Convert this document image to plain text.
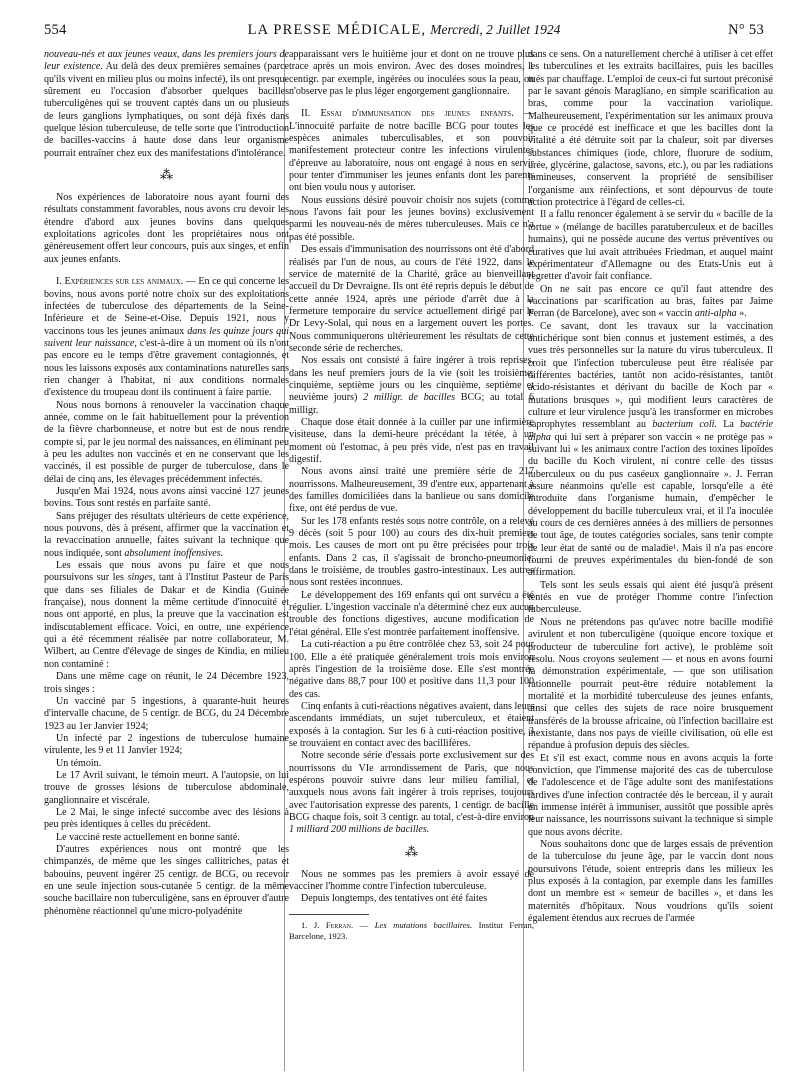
554	LA PRESSE MÉDICALE, Mercredi, 2 Juillet 1924	N° 53

nouveau-nés et aux jeunes veaux, dans les premiers jours de leur existence. Au delà des deux premières semaines (parce qu'ils vivent en milieu plus ou moins infecté), ils ont presque sûrement eu l'occasion d'absorber quelques bacilles tuberculigènes qui se trouvent captés dans un ou plusieurs de leurs ganglions lymphatiques, ou sont déjà fixés dans quelque lésion tuberculeuse, de telle sorte que l'introduction de bacilles-vaccins à haute dose dans leur organisme pourrait entraîner chez eux des manifestations d'intolérance.

⁂

Nos expériences de laboratoire nous ayant fourni des résultats constamment favorables, nous avons cru devoir les étendre d'abord aux jeunes bovins dans quelques exploitations agricoles dont les propriétaires nous ont généreusement offert leur concours, puis aux singes, et enfin aux jeunes enfants.

I. Expériences sur les animaux. — En ce qui concerne les bovins, nous avons porté notre choix sur des exploitations infectées de tuberculose des départements de la Seine-Inférieure et de Seine-et-Oise. Depuis 1921, nous y vaccinons tous les jeunes animaux dans les quinze jours qui suivent leur naissance, c'est-à-dire à un moment où ils n'ont pas encore eu le temps d'être gravement contagionnés, et nous les laissons exposés aux contaminations naturelles sans rien changer à l'habitat, ni aux conditions normales d'existence du troupeau dont ils continuent à faire partie.

Nous nous bornons à renouveler la vaccination chaque année, comme on le fait habituellement pour la prévention de la fièvre charbonneuse, et notre but est de nous rendre compte si, par le jeu normal des naissances, en éliminant peu à peu les adultes non vaccinés et en ne conservant que les vaccinés, il est possible de purger de tuberculose, dans le délai de cinq ans, les élevages précédemment infectés.

Jusqu'en Mai 1924, nous avons ainsi vacciné 127 jeunes bovins. Tous sont restés en parfaite santé.

Sans préjuger des résultats ultérieurs de cette expérience, nous pouvons, dès à présent, affirmer que la vaccination et la revaccination annuelle, faites suivant la technique que nous indiquée, sont absolument inoffensives.

Les essais que nous avons pu faire et que nous poursuivons sur les singes, tant à l'Institut Pasteur de Paris que dans ses filiales de Dakar et de Kindia (Guinée française), nous donnent la même certitude d'innocuité et nous ont apporté, en plus, la preuve que la vaccination est indiscutablement efficace. Voici, en outre, une expérience qui a été récemment réalisée par notre collaborateur, M. Wilbert, au Centre d'élevage de singes de Kindia, en milieu non contaminé :

Dans une même cage on réunit, le 24 Décembre 1923, trois singes :

Un vacciné par 5 ingestions, à quarante-huit heures d'intervalle chacune, de 5 centigr. de BCG, du 24 Décembre 1923 au 1er Janvier 1924;

Un infecté par 2 ingestions de tuberculose humaine virulente, les 9 et 11 Janvier 1924;

Un témoin.

Le 17 Avril suivant, le témoin meurt. A l'autopsie, on lui trouve de grosses lésions de tuberculose abdominale, ganglionnaire et viscérale.

Le 2 Mai, le singe infecté succombe avec des lésions à peu près identiques à celles du précédent.

Le vacciné reste actuellement en bonne santé.

D'autres expériences nous ont montré que les chimpanzés, de même que les singes callitriches, patas et babouins, peuvent ingérer 25 centigr. de BCG, ou recevoir en une seule injection sous-cutanée 5 centigr. de la même souche bacillaire non tuberculigène, sans en éprouver d'autre phénomène réactionnel qu'une micro-polyadénite

apparaissant vers le huitième jour et dont on ne trouve plus trace après un mois environ. Avec des doses moindres, 1 centigr. par exemple, ingérées ou inoculées sous la peau, on n'observe pas le plus léger engorgement ganglionnaire.

II. Essai d'immunisation des jeunes enfants. — L'innocuité parfaite de notre bacille BCG pour toutes les espèces animales tuberculisables, et son pouvoir manifestement protecteur contre les infections virulentes d'épreuve au laboratoire, nous ont engagé à nous en servir pour tenter d'immuniser les jeunes enfants dont les parents ont bien voulu nous y autoriser.

Nous eussions désiré pouvoir choisir nos sujets (comme nous l'avons fait pour les jeunes bovins) exclusivement parmi les nouveau-nés de mères tuberculeuses. Mais ce n'a pas été possible.

Des essais d'immunisation des nourrissons ont été d'abord réalisés par l'un de nous, au cours de l'été 1922, dans le service de maternité de la Charité, grâce au bienveillant accueil du Dr Devraigne. Ils ont été repris depuis le début de cette année 1924, après une période d'arrêt due à la fermeture temporaire du service actuellement dirigé par le Dr Levy-Solal, qui nous en a largement ouvert les portes. Nous communiquerons ultérieurement les résultats de cette seconde série de recherches.

Nos essais ont consisté à faire ingérer à trois reprises, dans les neuf premiers jours de la vie (soit les troisième, cinquième, septième jours ou les cinquième, septième et neuvième jours) 2 milligr. de bacilles BCG; au total 6 milligr.

Chaque dose était donnée à la cuiller par une infirmière visiteuse, dans la demi-heure précédant la tétée, à un moment où l'estomac, à peu près vide, n'est pas en travail digestif.

Nous avons ainsi traité une première série de 217 nourrissons. Malheureusement, 39 d'entre eux, appartenant à des familles domiciliées dans la banlieue ou sans domicile fixe, ont été perdus de vue.

Sur les 178 enfants restés sous notre contrôle, on a relevé 9 décès (soit 5 pour 100) au cours des dix-huit premiers mois. Les causes de mort ont pu être précisées pour trois enfants. Dans 2 cas, il s'agissait de broncho-pneumonie; dans le troisième, de troubles gastro-intestinaux. Les autres nous sont restées inconnues.

Le développement des 169 enfants qui ont survécu a été régulier. L'ingestion vaccinale n'a déterminé chez eux aucun trouble des fonctions digestives, aucune modification de l'état général. Elle s'est montrée parfaitement inoffensive.

La cuti-réaction a pu être contrôlée chez 53, soit 24 pour 100. Elle a été pratiquée généralement trois mois environ après l'ingestion de la troisième dose. Elle s'est montrée négative dans 88,7 pour 100 et positive dans 11,3 pour 100 des cas.

Cinq enfants à cuti-réactions négatives avaient, dans leurs ascendants immédiats, un sujet tuberculeux, et étaient exposés à la contagion. Sur les 6 à cuti-réaction positive, 3 se trouvaient en contact avec des bacillifères.

Notre seconde série d'essais porte exclusivement sur des nourrissons du VIe arrondissement de Paris, que nous espérons pouvoir suivre dans leur milieu familial, et auxquels nous avons fait ingérer à trois reprises, toujours avec l'autorisation expresse des parents, 1 centigr. de bacille BCG chaque fois, soit 3 centigr. au total, c'est-à-dire environ 1 milliard 200 millions de bacilles.

⁂

Nous ne sommes pas les premiers à avoir essayé de vacciner l'homme contre l'infection tuberculeuse.

Depuis longtemps, des tentatives ont été faites

1. J. Ferran. — Les mutations bacillaires. Institut Ferran, Barcelone, 1923.

dans ce sens. On a naturellement cherché à utiliser à cet effet les tuberculines et les extraits bacillaires, puis les bacilles tués par chauffage. L'emploi de ceux-ci fut surtout préconisé par le savant génois Maragliano, en simple scarification au bras, comme pour la vaccination variolique. Malheureusement, l'expérimentation sur les animaux prouva que ce procédé est inefficace et que les bacilles dont la vitalité a été détruite soit par la chaleur, soit par diverses substances chimiques (iode, chlore, fluorure de sodium, urée, glycérine, galactose, savons, etc.), ou par les radiations lumineuses, conservent la propriété de sensibiliser l'organisme aux réinfections, et sont dépourvus de toute action protectrice à l'égard de celles-ci.

Il a fallu renoncer également à se servir du « bacille de la tortue » (mélange de bacilles paratuberculeux et de bacilles humains), qui ne possède aucune des vertus préventives ou curatives que lui avait attribuées Friedman, et auquel maint expérimentateur d'Allemagne ou des Etats-Unis eut à regretter d'avoir fait confiance.

On ne sait pas encore ce qu'il faut attendre des vaccinations par scarification au bras, faites par Jaime Ferran (de Barcelone), avec son « vaccin anti-alpha ».

Ce savant, dont les travaux sur la vaccination antichérique sont bien connus et justement estimés, a des vues très personnelles sur la nature du virus tuberculeux. Il croit que l'infection tuberculeuse peut être réalisée par différentes bactéries, tantôt non acido-résistantes, tantôt acido-résistantes et dérivant du bacille de Koch par « mutations brusques », qui modifient leurs caractères de culture et leur virulence jusqu'à les transformer en microbes saprophytes ressemblant au bacterium coli. La bactérie alpha qui lui sert à préparer son vaccin « ne protège pas » suivant lui « les animaux contre l'action des toxines lipoïdes du bacille du Koch virulent, ni contre celle des tissus tuberculeux ou du pus caséeux ganglionnaire ». J. Ferran assure néanmoins qu'elle est capable, lorsqu'elle a été introduite dans l'organisme humain, d'empêcher le développement du bacille tuberculeux vrai, et il l'a inoculée au cours de ces dernières années à des milliers de personnes de tout âge, de toutes catégories sociales, sans tenir compte de leur état de santé ou de maladie¹. Mais il n'a pas encore fourni de preuves expérimentales du bien-fondé de son affirmation.

Tels sont les seuls essais qui aient été jusqu'à présent tentés en vue de protéger l'homme contre l'infection tuberculeuse.

Nous ne prétendons pas qu'avec notre bacille modifié avirulent et non tuberculigène (quoique encore toxique et producteur de tuberculine fort active), le problème soit résolu. Nous croyons seulement — et nous en avons fourni la démonstration expérimentale, — que son utilisation rationnelle pourrait peut-être réduire notablement la mortalité et la morbidité tuberculeuse des jeunes enfants, ainsi que celles des sujets de race noire brusquement transférés de la brousse africaine, où l'infection bacillaire est inexistante, dans nos pays de vieille civilisation, où elle est répandue à profusion depuis des siècles.

Et s'il est exact, comme nous en avons acquis la forte conviction, que l'immense majorité des cas de tuberculose de l'adolescence et de l'âge adulte sont des manifestations tardives d'une infection contractée dès le berceau, il y aurait un immense intérêt à immuniser, aussitôt que possible après leur naissance, les nourrissons suivant la technique si simple que nous avons décrite.

Nous souhaitons donc que de larges essais de prévention de la tuberculose du jeune âge, par le vaccin dont nous poursuivons l'étude, soient entrepris dans les milieux les plus exposés à la contagion, par exemple dans les familles dont un membre est « semeur de bacilles », et dans les maternités d'hôpitaux. Nous voudrions qu'ils soient également étendus aux recrues de l'armée
